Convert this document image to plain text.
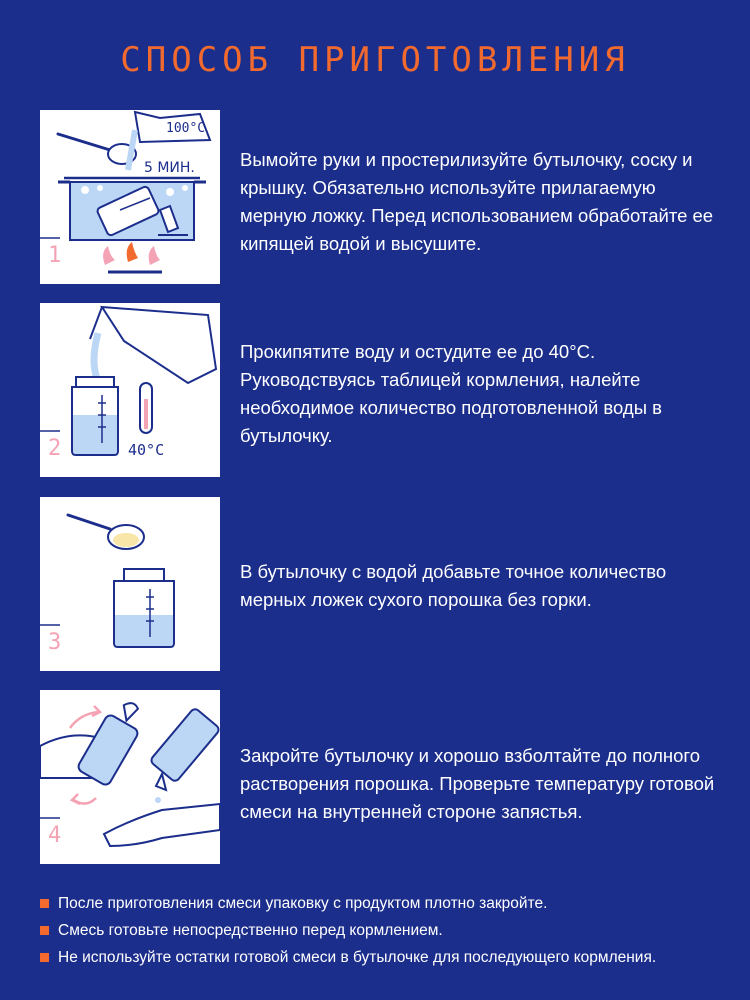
СПОСОБ ПРИГОТОВЛЕНИЯ
100°C
5 МИН.
1

Вымойте руки и простерилизуйте бутылочку, соску и крышку. Обязательно используйте прилагаемую мерную ложку. Перед использованием обработайте ее кипящей водой и высушите.

40°C
2

Прокипятите воду и остудите ее до 40°С. Руководствуясь таблицей кормления, налейте необходимое количество подготовленной воды в бутылочку.

3

В бутылочку с водой добавьте точное количество мерных ложек сухого порошка без горки.

4

Закройте бутылочку и хорошо взболтайте до полного растворения порошка. Проверьте температуру готовой смеси на внутренней стороне запястья.

После приготовления смеси упаковку с продуктом плотно закройте.
Смесь готовьте непосредственно перед кормлением.
Не используйте остатки готовой смеси в бутылочке для последующего кормления.
